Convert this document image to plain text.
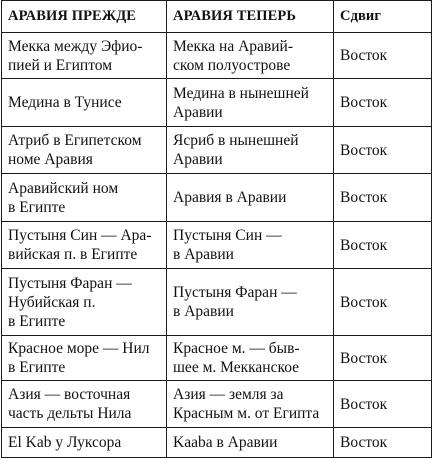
АРАВИЯ ПРЕЖДЕ	АРАВИЯ ТЕПЕРЬ	Сдвиг

Мекка между Эфио-
пией и Египтом	Мекка на Аравий-
ском полуострове	Восток

Медина в Тунисе	Медина в нынешней
Аравии	Восток

Атриб в Египетском
номе Аравия	Ясриб в нынешней
Аравии	Восток

Аравийский ном
в Египте	Аравия в Аравии	Восток

Пустыня Син — Ара-
вийская п. в Египте	Пустыня Син —
в Аравии	Восток

Пустыня Фаран —
Нубийская п.
в Египте	Пустыня Фаран —
в Аравии	Восток

Красное море — Нил
в Египте	Красное м. — быв-
шее м. Мекканское	Восток

Азия — восточная
часть дельты Нила	Азия — земля за
Красным м. от Египта	Восток

El Kab у Луксора	Kaaba в Аравии	Восток
